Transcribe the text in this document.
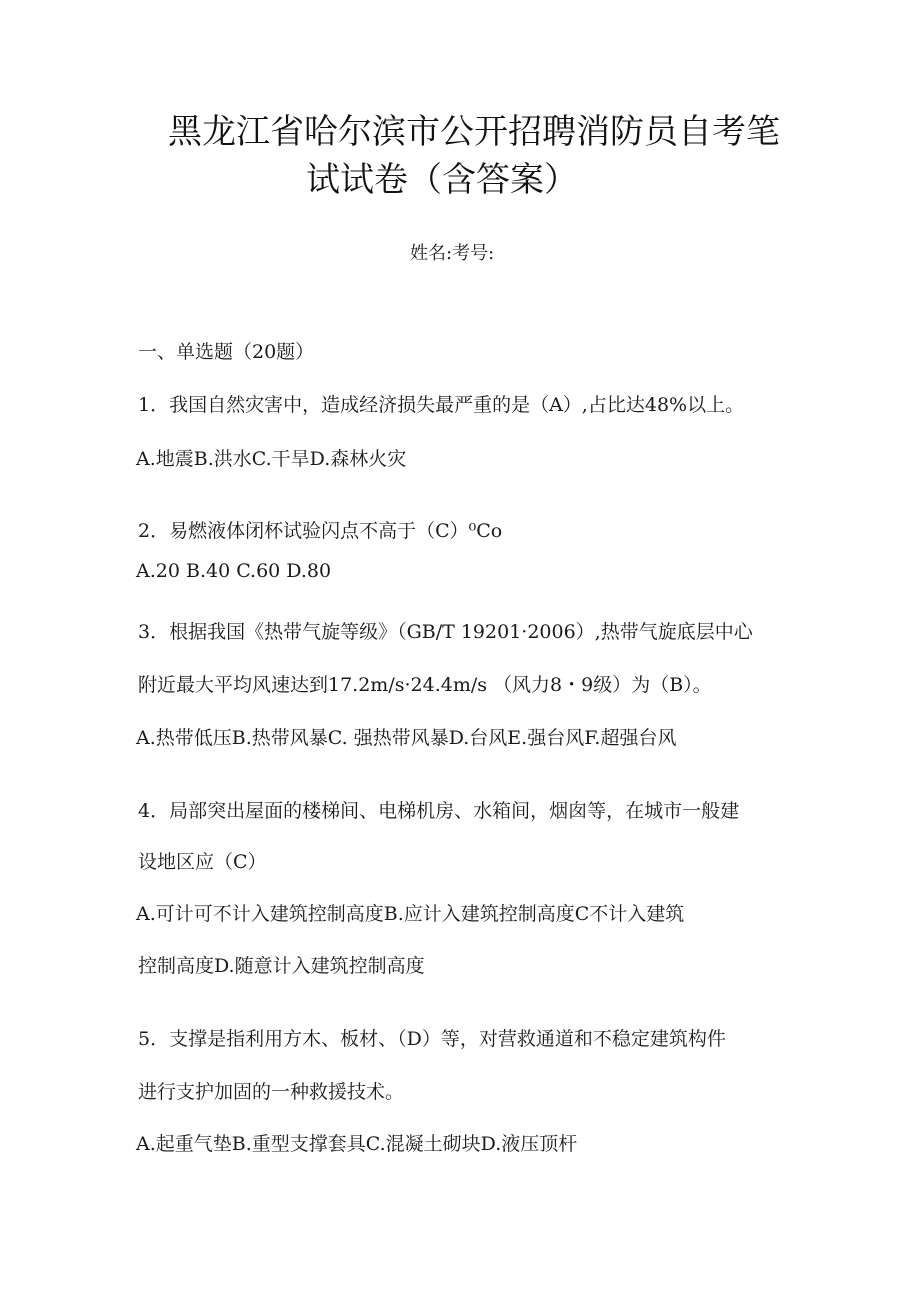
黑龙江省哈尔滨市公开招聘消防员自考笔
试试卷（含答案）
姓名:考号:
一、单选题（20题）
1．我国自然灾害中，造成经济损失最严重的是（A）,占比达48%以上。
A.地震B.洪水C.干旱D.森林火灾
2．易燃液体闭杯试验闪点不高于（C）⁰Co
A.20 B.40 C.60 D.80
3．根据我国《热带气旋等级》（GB/T 19201·2006）,热带气旋底层中心
附近最大平均风速达到17.2m/s·24.4m/s （风力8・9级）为（B）。
A.热带低压B.热带风暴C. 强热带风暴D.台风E.强台风F.超强台风
4．局部突出屋面的楼梯间、电梯机房、水箱间，烟囱等，在城市一般建
设地区应（C）
A.可计可不计入建筑控制高度B.应计入建筑控制高度C不计入建筑
控制高度D.随意计入建筑控制高度
5．支撑是指利用方木、板材、（D）等，对营救通道和不稳定建筑构件
进行支护加固的一种救援技术。
A.起重气垫B.重型支撑套具C.混凝土砌块D.液压顶杆
